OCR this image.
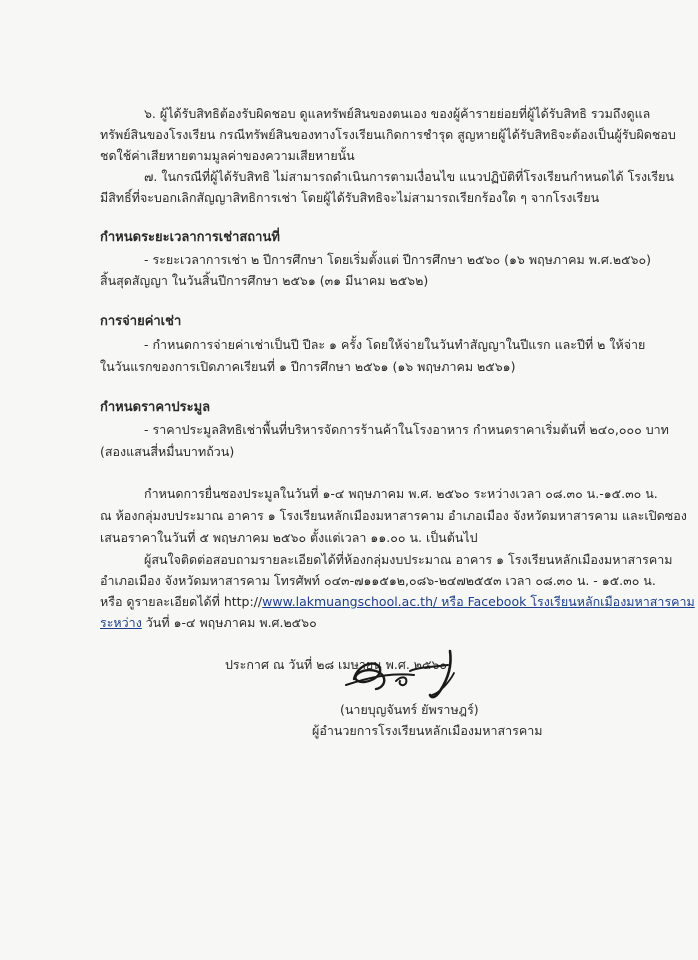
๖. ผู้ได้รับสิทธิต้องรับผิดชอบ ดูแลทรัพย์สินของตนเอง ของผู้ค้ารายย่อยที่ผู้ได้รับสิทธิ รวมถึงดูแล
ทรัพย์สินของโรงเรียน กรณีทรัพย์สินของทางโรงเรียนเกิดการชำรุด สูญหายผู้ได้รับสิทธิจะต้องเป็นผู้รับผิดชอบ
ชดใช้ค่าเสียหายตามมูลค่าของความเสียหายนั้น
๗. ในกรณีที่ผู้ได้รับสิทธิ ไม่สามารถดำเนินการตามเงื่อนไข แนวปฏิบัติที่โรงเรียนกำหนดได้ โรงเรียน
มีสิทธิ์ที่จะบอกเลิกสัญญาสิทธิการเช่า โดยผู้ได้รับสิทธิจะไม่สามารถเรียกร้องใด ๆ จากโรงเรียน
กำหนดระยะเวลาการเช่าสถานที่
- ระยะเวลาการเช่า ๒ ปีการศึกษา โดยเริ่มตั้งแต่ ปีการศึกษา ๒๕๖๐ (๑๖ พฤษภาคม พ.ศ.๒๕๖๐)
สิ้นสุดสัญญา ในวันสิ้นปีการศึกษา ๒๕๖๑ (๓๑ มีนาคม ๒๕๖๒)
การจ่ายค่าเช่า
- กำหนดการจ่ายค่าเช่าเป็นปี ปีละ ๑ ครั้ง โดยให้จ่ายในวันทำสัญญาในปีแรก และปีที่ ๒ ให้จ่าย
ในวันแรกของการเปิดภาคเรียนที่ ๑ ปีการศึกษา ๒๕๖๑ (๑๖ พฤษภาคม ๒๕๖๑)
กำหนดราคาประมูล
- ราคาประมูลสิทธิเช่าพื้นที่บริหารจัดการร้านค้าในโรงอาหาร กำหนดราคาเริ่มต้นที่ ๒๔๐,๐๐๐ บาท
(สองแสนสี่หมื่นบาทถ้วน)
กำหนดการยื่นซองประมูลในวันที่ ๑-๔ พฤษภาคม พ.ศ. ๒๕๖๐ ระหว่างเวลา ๐๘.๓๐ น.-๑๕.๓๐ น.
ณ ห้องกลุ่มงบประมาณ อาคาร ๑ โรงเรียนหลักเมืองมหาสารคาม อำเภอเมือง จังหวัดมหาสารคาม และเปิดซอง
เสนอราคาในวันที่ ๕ พฤษภาคม ๒๕๖๐ ตั้งแต่เวลา ๑๑.๐๐ น. เป็นต้นไป
ผู้สนใจติดต่อสอบถามรายละเอียดได้ที่ห้องกลุ่มงบประมาณ อาคาร ๑ โรงเรียนหลักเมืองมหาสารคาม
อำเภอเมือง จังหวัดมหาสารคาม โทรศัพท์ ๐๔๓-๗๑๑๕๑๒,๐๘๖-๒๔๗๒๕๕๓ เวลา ๐๘.๓๐ น. - ๑๕.๓๐ น.
หรือ ดูรายละเอียดได้ที่ http://www.lakmuangschool.ac.th/ หรือ Facebook โรงเรียนหลักเมืองมหาสารคาม
ระหว่าง วันที่ ๑-๔ พฤษภาคม พ.ศ.๒๕๖๐
ประกาศ ณ วันที่ ๒๘ เมษายน พ.ศ. ๒๕๖๐
(นายบุญจันทร์ ยัพราษฎร์)
ผู้อำนวยการโรงเรียนหลักเมืองมหาสารคาม
